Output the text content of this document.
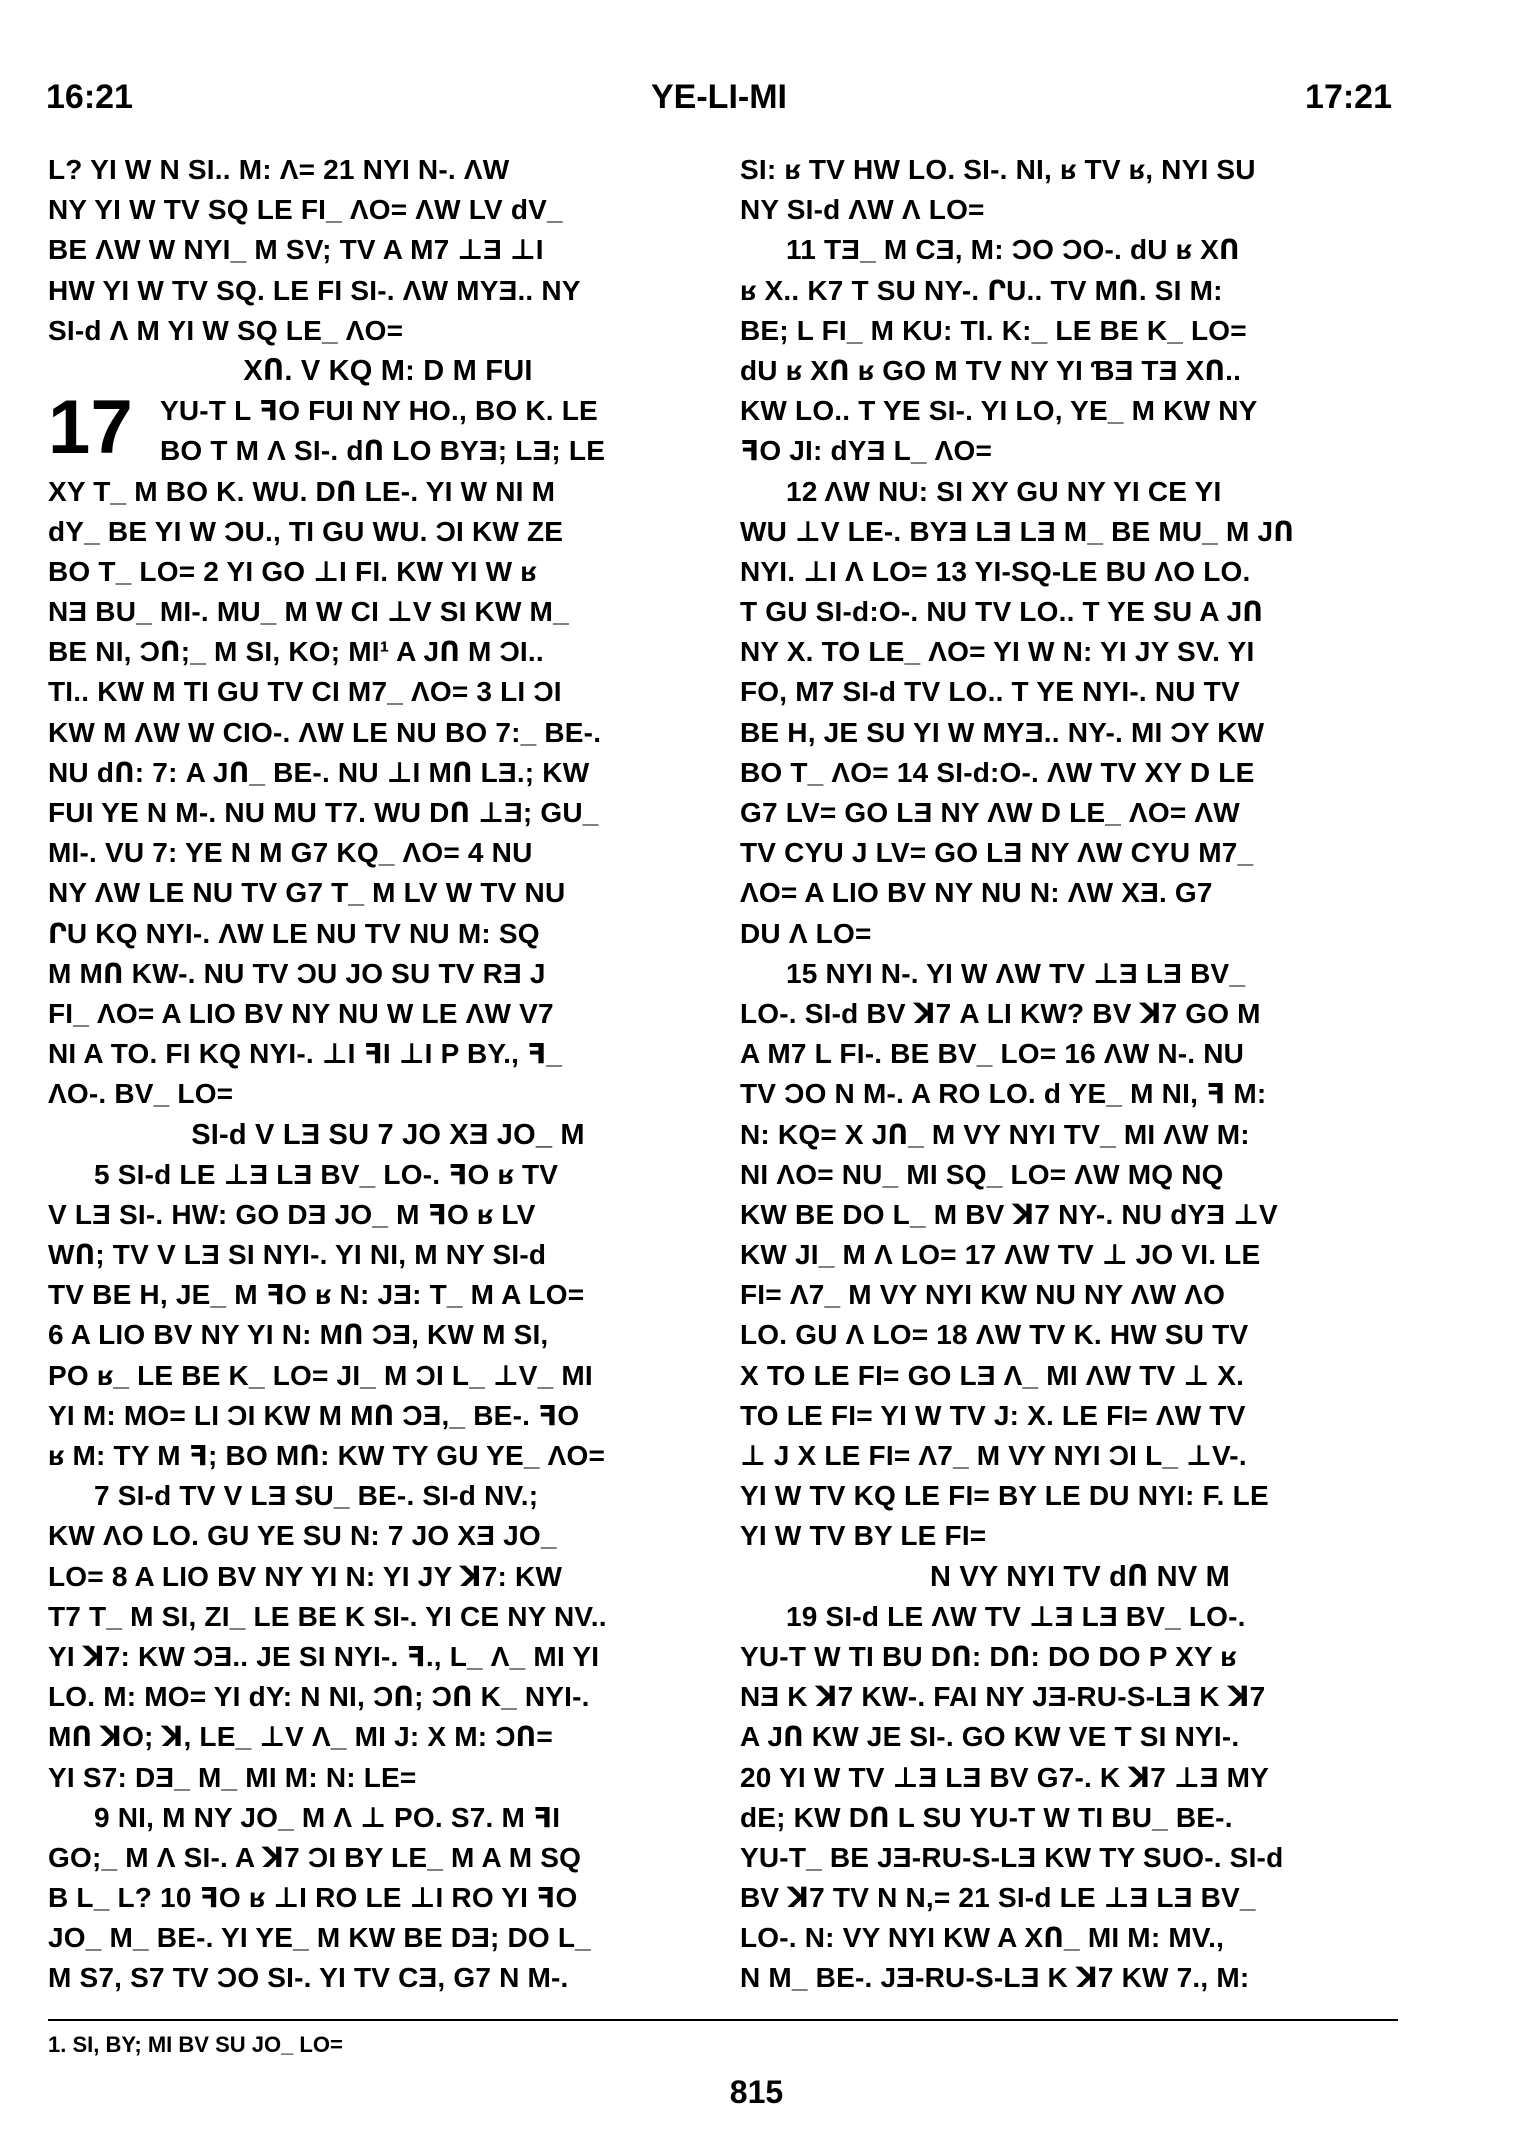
16:21	YE-LI-MI	17:21
L? YI W N SI.. M: Λ= 21 NYI N-. ΛW
NY YI W TV SQ LE FI_ ΛO= ΛW LV dV_
BE ΛW W NYI_ M SV; TV A M7 ⊥Ǝ ⊥I
HW YI W TV SQ. LE FI SI-. ΛW MYƎ.. NY
SI-d Λ M YI W SQ LE_ ΛO=
XՈ. V KQ M: D M FUI
17 YU-T L ꟻO FUI NY HO., BO K. LE
BO T M Λ SI-. dՈ LO BYƎ; LƎ; LE
XY T_ M BO K. WU. DՈ LE-. YI W NI M
dY_ BE YI W ƆU., TI GU WU. ƆI KW ZE
BO T_ LO= 2 YI GO ⊥I FI. KW YI W ʁ
NƎ BU_ MI-. MU_ M W CI ⊥V SI KW M_
BE NI, ƆՈ;_ M SI, KO; MI¹ A JՈ M ƆI..
TI.. KW M TI GU TV CI M7_ ΛO= 3 LI ƆI
KW M ΛW W CIO-. ΛW LE NU BO 7:_ BE-.
NU dՈ: 7: A JՈ_ BE-. NU ⊥I MՈ LƎ.; KW
FUI YE N M-. NU MU T7. WU DՈ ⊥Ǝ; GU_
MI-. VU 7: YE N M G7 KQ_ ΛO= 4 NU
NY ΛW LE NU TV G7 T_ M LV W TV NU
ՐU KQ NYI-. ΛW LE NU TV NU M: SQ
M MՈ KW-. NU TV ƆU JO SU TV RƎ J
FI_ ΛO= A LIO BV NY NU W LE ΛW V7
NI A TO. FI KQ NYI-. ⊥I ꟻI ⊥I P BY., ꟻ_
ΛO-. BV_ LO=
SI-d V LƎ SU 7 JO XƎ JO_ M
5 SI-d LE ⊥Ǝ LƎ BV_ LO-. ꟻO ʁ TV
V LƎ SI-. HW: GO DƎ JO_ M ꟻO ʁ LV
WՈ; TV V LƎ SI NYI-. YI NI, M NY SI-d
TV BE H, JE_ M ꟻO ʁ N: JƎ: T_ M A LO=
6 A LIO BV NY YI N: MՈ ƆƎ, KW M SI,
PO ʁ_ LE BE K_ LO= JI_ M ƆI L_ ⊥V_ MI
YI M: MO= LI ƆI KW M MՈ ƆƎ,_ BE-. ꟻO
ʁ M: TY M ꟻ; BO MՈ: KW TY GU YE_ ΛO=
7 SI-d TV V LƎ SU_ BE-. SI-d NV.;
KW ΛO LO. GU YE SU N: 7 JO XƎ JO_
LO= 8 A LIO BV NY YI N: YI JY ꓘ7: KW
T7 T_ M SI, ZI_ LE BE K SI-. YI CE NY NV..
YI ꓘ7: KW ƆƎ.. JE SI NYI-. ꟻ., L_ Λ_ MI YI
LO. M: MO= YI dY: N NI, ƆՈ; ƆՈ K_ NYI-.
MՈ ꓘO; ꓘ, LE_ ⊥V Λ_ MI J: X M: ƆՈ=
YI S7: DƎ_ M_ MI M: N: LE=
9 NI, M NY JO_ M Λ ⊥ PO. S7. M ꟻI
GO;_ M Λ SI-. A ꓘ7 ƆI BY LE_ M A M SQ
B L_ L? 10 ꟻO ʁ ⊥I RO LE ⊥I RO YI ꟻO
JO_ M_ BE-. YI YE_ M KW BE DƎ; DO L_
M S7, S7 TV ƆO SI-. YI TV CƎ, G7 N M-.
SI: ʁ TV HW LO. SI-. NI, ʁ TV ʁ, NYI SU
NY SI-d ΛW Λ LO=
11 TƎ_ M CƎ, M: ƆO ƆO-. dU ʁ XՈ
ʁ X.. K7 T SU NY-. ՐU.. TV MՈ. SI M:
BE; L FI_ M KU: TI. K:_ LE BE K_ LO=
dU ʁ XՈ ʁ GO M TV NY YI ƁƎ TƎ XՈ..
KW LO.. T YE SI-. YI LO, YE_ M KW NY
ꟻO JI: dYƎ L_ ΛO=
12 ΛW NU: SI XY GU NY YI CE YI
WU ⊥V LE-. BYƎ LƎ LƎ M_ BE MU_ M JՈ
NYI. ⊥I Λ LO= 13 YI-SQ-LE BU ΛO LO.
T GU SI-d:O-. NU TV LO.. T YE SU A JՈ
NY X. TO LE_ ΛO= YI W N: YI JY SV. YI
FO, M7 SI-d TV LO.. T YE NYI-. NU TV
BE H, JE SU YI W MYƎ.. NY-. MI ƆY KW
BO T_ ΛO= 14 SI-d:O-. ΛW TV XY D LE
G7 LV= GO LƎ NY ΛW D LE_ ΛO= ΛW
TV CYU J LV= GO LƎ NY ΛW CYU M7_
ΛO= A LIO BV NY NU N: ΛW XƎ. G7
DU Λ LO=
15 NYI N-. YI W ΛW TV ⊥Ǝ LƎ BV_
LO-. SI-d BV ꓘ7 A LI KW? BV ꓘ7 GO M
A M7 L FI-. BE BV_ LO= 16 ΛW N-. NU
TV ƆO N M-. A RO LO. d YE_ M NI, ꟻ M:
N: KQ= X JՈ_ M VY NYI TV_ MI ΛW M:
NI ΛO= NU_ MI SQ_ LO= ΛW MQ NQ
KW BE DO L_ M BV ꓘ7 NY-. NU dYƎ ⊥V
KW JI_ M Λ LO= 17 ΛW TV ⊥ JO VI. LE
FI= Λ7_ M VY NYI KW NU NY ΛW ΛO
LO. GU Λ LO= 18 ΛW TV K. HW SU TV
X TO LE FI= GO LƎ Λ_ MI ΛW TV ⊥ X.
TO LE FI= YI W TV J: X. LE FI= ΛW TV
⊥ J X LE FI= Λ7_ M VY NYI ƆI L_ ⊥V-.
YI W TV KQ LE FI= BY LE DU NYI: F. LE
YI W TV BY LE FI=
N VY NYI TV dՈ NV M
19 SI-d LE ΛW TV ⊥Ǝ LƎ BV_ LO-.
YU-T W TI BU DՈ: DՈ: DO DO P XY ʁ
NƎ K ꓘ7 KW-. FAI NY JƎ-RU-S-LƎ K ꓘ7
A JՈ KW JE SI-. GO KW VE T SI NYI-.
20 YI W TV ⊥Ǝ LƎ BV G7-. K ꓘ7 ⊥Ǝ MY
dE; KW DՈ L SU YU-T W TI BU_ BE-.
YU-T_ BE JƎ-RU-S-LƎ KW TY SUO-. SI-d
BV ꓘ7 TV N N,= 21 SI-d LE ⊥Ǝ LƎ BV_
LO-. N: VY NYI KW A XՈ_ MI M: MV.,
N M_ BE-. JƎ-RU-S-LƎ K ꓘ7 KW 7., M:
1. SI, BY; MI BV SU JO_ LO=
815
